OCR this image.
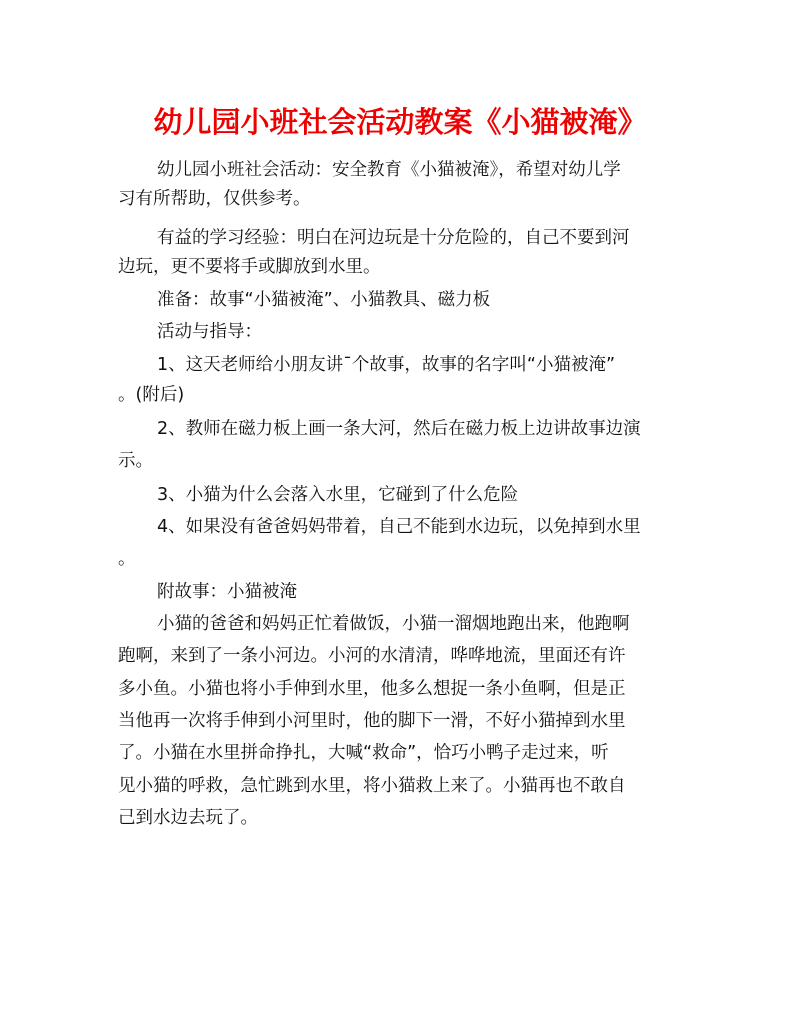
幼儿园小班社会活动教案《小猫被淹》
幼儿园小班社会活动：安全教育《小猫被淹》，希望对幼儿学
习有所帮助，仅供参考。
有益的学习经验：明白在河边玩是十分危险的，自己不要到河
边玩，更不要将手或脚放到水里。
准备：故事“小猫被淹”、小猫教具、磁力板
活动与指导：
1、这天老师给小朋友讲¯个故事，故事的名字叫“小猫被淹”
。(附后)
2、教师在磁力板上画一条大河，然后在磁力板上边讲故事边演
示。
3、小猫为什么会落入水里，它碰到了什么危险
4、如果没有爸爸妈妈带着，自己不能到水边玩，以免掉到水里
。
附故事：小猫被淹
小猫的爸爸和妈妈正忙着做饭，小猫一溜烟地跑出来，他跑啊
跑啊，来到了一条小河边。小河的水清清，哗哗地流，里面还有许
多小鱼。小猫也将小手伸到水里，他多么想捉一条小鱼啊，但是正
当他再一次将手伸到小河里时，他的脚下一滑，不好小猫掉到水里
了。小猫在水里拼命挣扎，大喊“救命”，恰巧小鸭子走过来，听
见小猫的呼救，急忙跳到水里，将小猫救上来了。小猫再也不敢自
己到水边去玩了。
